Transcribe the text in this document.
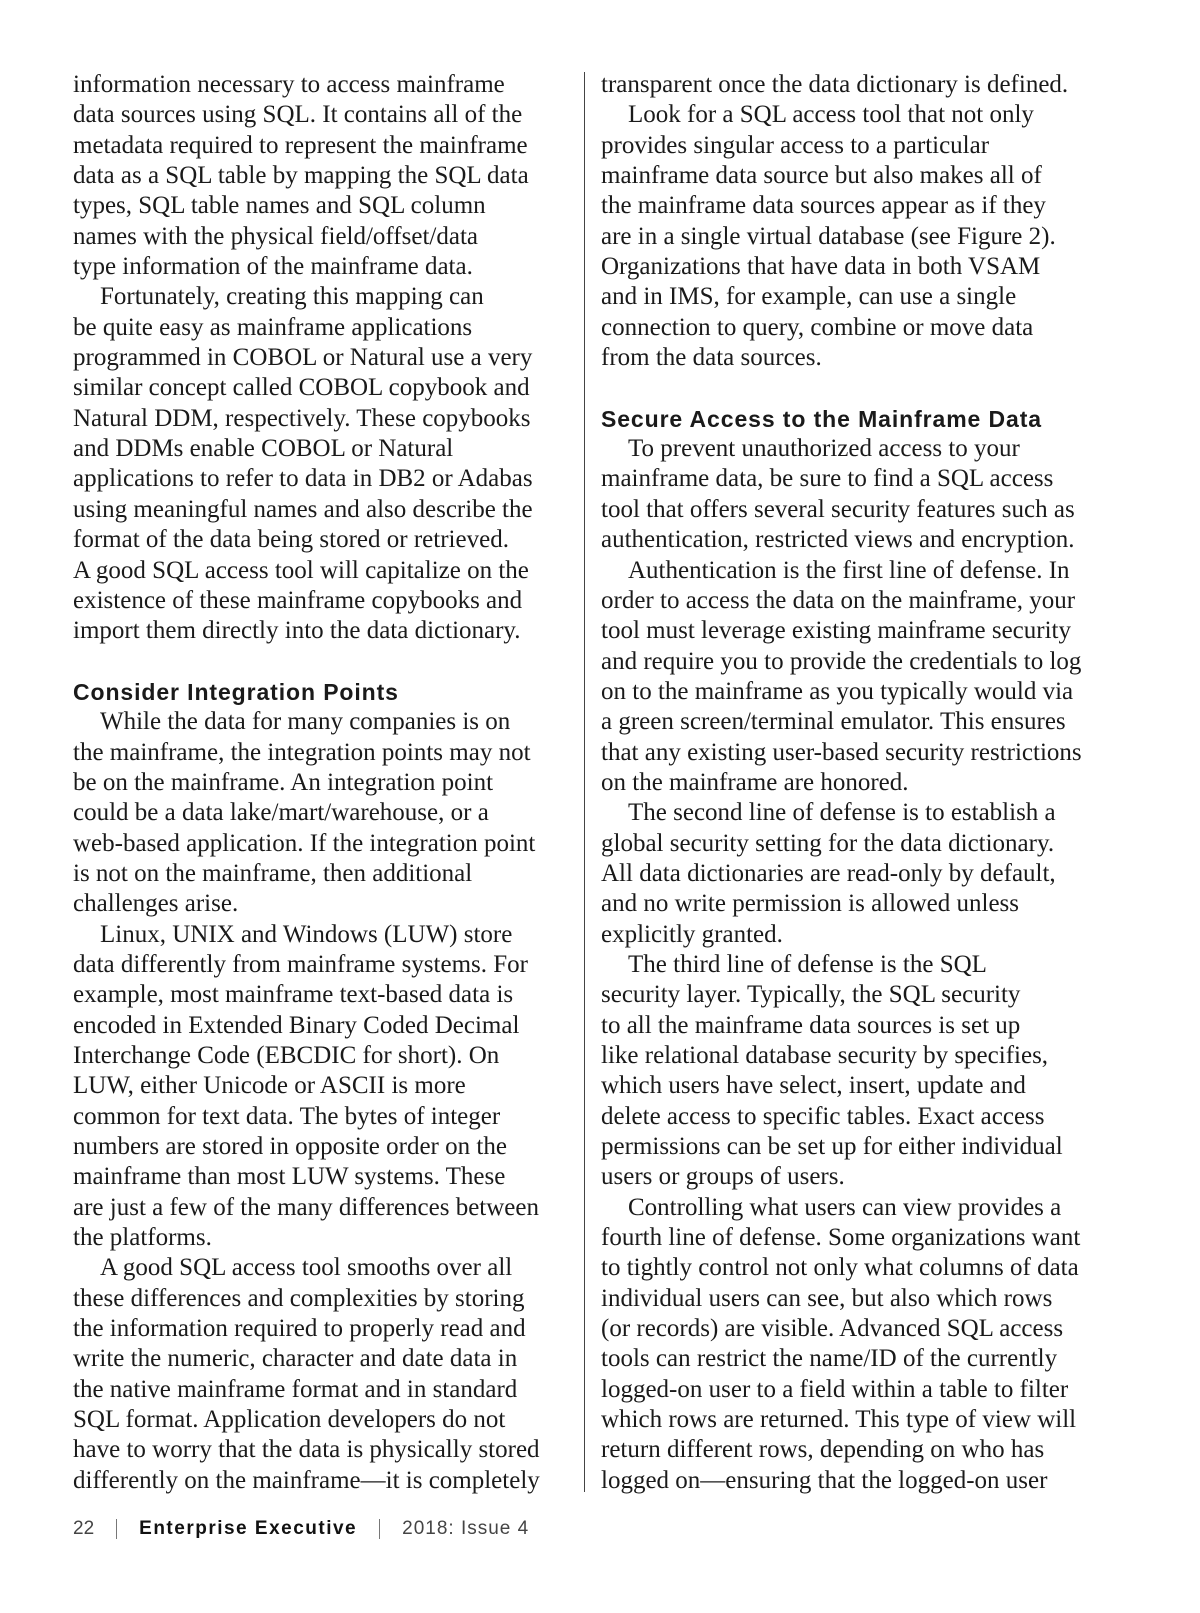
information necessary to access mainframe
data sources using SQL. It contains all of the
metadata required to represent the mainframe
data as a SQL table by mapping the SQL data
types, SQL table names and SQL column
names with the physical field/offset/data
type information of the mainframe data.
Fortunately, creating this mapping can
be quite easy as mainframe applications
programmed in COBOL or Natural use a very
similar concept called COBOL copybook and
Natural DDM, respectively. These copybooks
and DDMs enable COBOL or Natural
applications to refer to data in DB2 or Adabas
using meaningful names and also describe the
format of the data being stored or retrieved.
A good SQL access tool will capitalize on the
existence of these mainframe copybooks and
import them directly into the data dictionary.
Consider Integration Points
While the data for many companies is on
the mainframe, the integration points may not
be on the mainframe. An integration point
could be a data lake/mart/warehouse, or a
web-based application. If the integration point
is not on the mainframe, then additional
challenges arise.
Linux, UNIX and Windows (LUW) store
data differently from mainframe systems. For
example, most mainframe text-based data is
encoded in Extended Binary Coded Decimal
Interchange Code (EBCDIC for short). On
LUW, either Unicode or ASCII is more
common for text data. The bytes of integer
numbers are stored in opposite order on the
mainframe than most LUW systems. These
are just a few of the many differences between
the platforms.
A good SQL access tool smooths over all
these differences and complexities by storing
the information required to properly read and
write the numeric, character and date data in
the native mainframe format and in standard
SQL format. Application developers do not
have to worry that the data is physically stored
differently on the mainframe—it is completely
transparent once the data dictionary is defined.
Look for a SQL access tool that not only
provides singular access to a particular
mainframe data source but also makes all of
the mainframe data sources appear as if they
are in a single virtual database (see Figure 2).
Organizations that have data in both VSAM
and in IMS, for example, can use a single
connection to query, combine or move data
from the data sources.
Secure Access to the Mainframe Data
To prevent unauthorized access to your
mainframe data, be sure to find a SQL access
tool that offers several security features such as
authentication, restricted views and encryption.
Authentication is the first line of defense. In
order to access the data on the mainframe, your
tool must leverage existing mainframe security
and require you to provide the credentials to log
on to the mainframe as you typically would via
a green screen/terminal emulator. This ensures
that any existing user-based security restrictions
on the mainframe are honored.
The second line of defense is to establish a
global security setting for the data dictionary.
All data dictionaries are read-only by default,
and no write permission is allowed unless
explicitly granted.
The third line of defense is the SQL
security layer. Typically, the SQL security
to all the mainframe data sources is set up
like relational database security by specifies,
which users have select, insert, update and
delete access to specific tables. Exact access
permissions can be set up for either individual
users or groups of users.
Controlling what users can view provides a
fourth line of defense. Some organizations want
to tightly control not only what columns of data
individual users can see, but also which rows
(or records) are visible. Advanced SQL access
tools can restrict the name/ID of the currently
logged-on user to a field within a table to filter
which rows are returned. This type of view will
return different rows, depending on who has
logged on—ensuring that the logged-on user
22 Enterprise Executive 2018: Issue 4
